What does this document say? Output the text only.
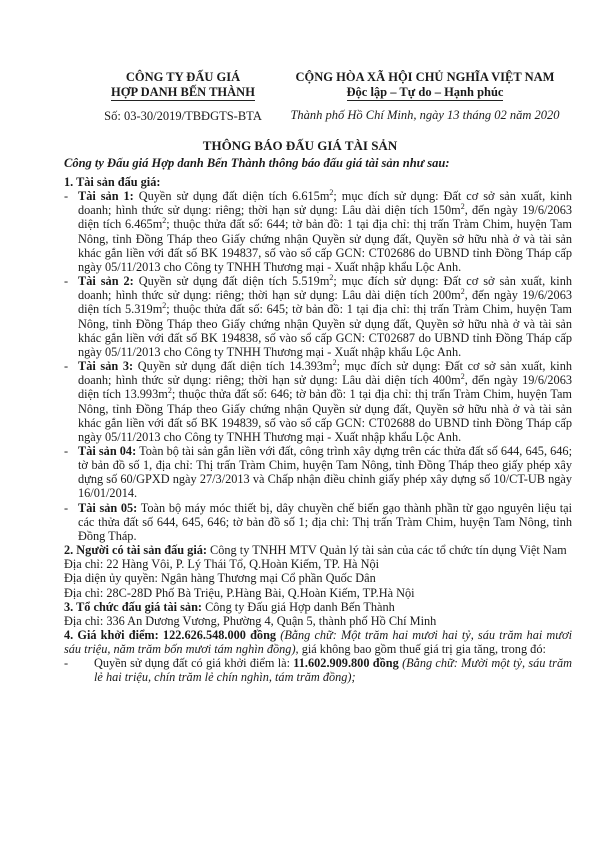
CÔNG TY ĐẤU GIÁ
HỢP DANH BẾN THÀNH
Số: 03-30/2019/TBĐGTS-BTA
CỘNG HÒA XÃ HỘI CHỦ NGHĨA VIỆT NAM
Độc lập – Tự do – Hạnh phúc
Thành phố Hồ Chí Minh, ngày 13 tháng 02 năm 2020
THÔNG BÁO ĐẤU GIÁ TÀI SẢN
Công ty Đấu giá Hợp danh Bến Thành thông báo đấu giá tài sản như sau:

1. Tài sản đấu giá:

- Tài sản 1: Quyền sử dụng đất diện tích $6.615m^2$; mục đích sử dụng: Đất cơ sở sản xuất, kinh doanh; hình thức sử dụng: riêng; thời hạn sử dụng: Lâu dài diện tích $150m^2$, đến ngày 19/6/2063 diện tích $6.465m^2$; thuộc thửa đất số: 644; tờ bản đồ: 1 tại địa chỉ: thị trấn Tràm Chim, huyện Tam Nông, tỉnh Đồng Tháp theo Giấy chứng nhận Quyền sử dụng đất, Quyền sở hữu nhà ở và tài sản khác gắn liền với đất số BK 194837, số vào sổ cấp GCN: CT02686 do UBND tỉnh Đồng Tháp cấp ngày 05/11/2013 cho Công ty TNHH Thương mại - Xuất nhập khẩu Lộc Anh.

- Tài sản 2: Quyền sử dụng đất diện tích $5.519m^2$; mục đích sử dụng: Đất cơ sở sản xuất, kinh doanh; hình thức sử dụng: riêng; thời hạn sử dụng: Lâu dài diện tích $200m^2$, đến ngày 19/6/2063 diện tích $5.319m^2$; thuộc thửa đất số: 645; tờ bản đồ: 1 tại địa chỉ: thị trấn Tràm Chim, huyện Tam Nông, tỉnh Đồng Tháp theo Giấy chứng nhận Quyền sử dụng đất, Quyền sở hữu nhà ở và tài sản khác gắn liền với đất số BK 194838, số vào sổ cấp GCN: CT02687 do UBND tỉnh Đồng Tháp cấp ngày 05/11/2013 cho Công ty TNHH Thương mại - Xuất nhập khẩu Lộc Anh.

- Tài sản 3: Quyền sử dụng đất diện tích $14.393m^2$; mục đích sử dụng: Đất cơ sở sản xuất, kinh doanh; hình thức sử dụng: riêng; thời hạn sử dụng: Lâu dài diện tích $400m^2$, đến ngày 19/6/2063 diện tích $13.993m^2$; thuộc thửa đất số: 646; tờ bản đồ: 1 tại địa chỉ: thị trấn Tràm Chim, huyện Tam Nông, tỉnh Đồng Tháp theo Giấy chứng nhận Quyền sử dụng đất, Quyền sở hữu nhà ở và tài sản khác gắn liền với đất số BK 194839, số vào sổ cấp GCN: CT02688 do UBND tỉnh Đồng Tháp cấp ngày 05/11/2013 cho Công ty TNHH Thương mại - Xuất nhập khẩu Lộc Anh.

- Tài sản 04: Toàn bộ tài sản gắn liền với đất, công trình xây dựng trên các thửa đất số 644, 645, 646; tờ bản đồ số 1, địa chỉ: Thị trấn Tràm Chim, huyện Tam Nông, tỉnh Đồng Tháp theo giấy phép xây dựng số 60/GPXD ngày 27/3/2013 và Chấp nhận điều chỉnh giấy phép xây dựng số 10/CT-UB ngày 16/01/2014.

- Tài sản 05: Toàn bộ máy móc thiết bị, dây chuyền chế biến gạo thành phần từ gạo nguyên liệu tại các thửa đất số 644, 645, 646; tờ bản đồ số 1; địa chỉ: Thị trấn Tràm Chim, huyện Tam Nông, tỉnh Đồng Tháp.

2. Người có tài sản đấu giá: Công ty TNHH MTV Quản lý tài sản của các tổ chức tín dụng Việt Nam

Địa chỉ: 22 Hàng Vôi, P. Lý Thái Tổ, Q.Hoàn Kiếm, TP. Hà Nội

Địa diện ủy quyền: Ngân hàng Thương mại Cổ phần Quốc Dân

Địa chỉ: 28C-28D Phố Bà Triệu, P.Hàng Bài, Q.Hoàn Kiếm, TP.Hà Nội

3. Tổ chức đấu giá tài sản: Công ty Đấu giá Hợp danh Bến Thành

Địa chỉ: 336 An Dương Vương, Phường 4, Quận 5, thành phố Hồ Chí Minh

4. Giá khởi điểm: 122.626.548.000 đồng (Bằng chữ: Một trăm hai mươi hai tỷ, sáu trăm hai mươi sáu triệu, năm trăm bốn mươi tám nghìn đồng), giá không bao gồm thuế giá trị gia tăng, trong đó:

- Quyền sử dụng đất có giá khởi điểm là: 11.602.909.800 đồng (Bằng chữ: Mười một tỷ, sáu trăm lẻ hai triệu, chín trăm lẻ chín nghìn, tám trăm đồng);
